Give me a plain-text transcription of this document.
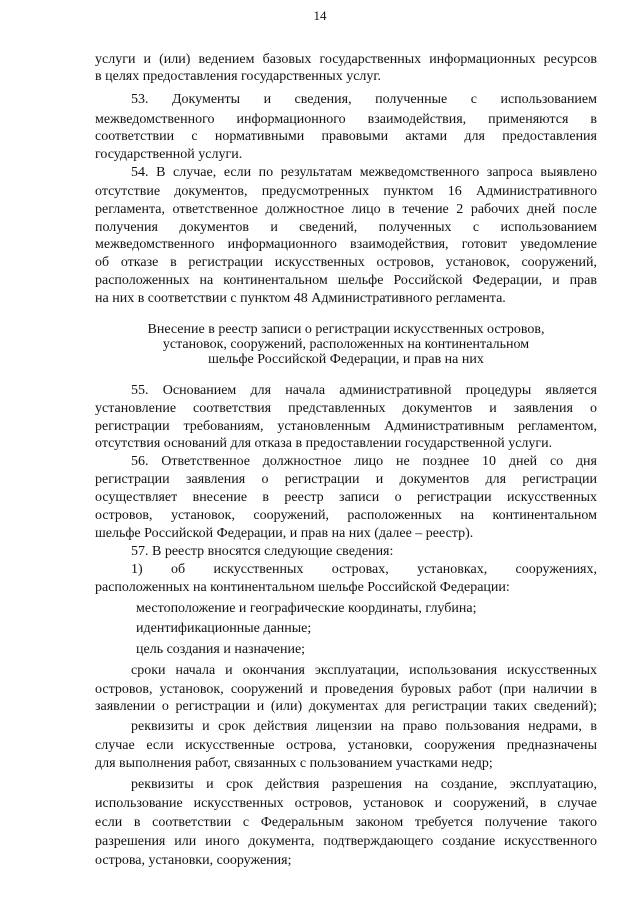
14
услуги и (или) ведением базовых государственных информационных ресурсов
в целях предоставления государственных услуг.
53.   Документы   и   сведения,   полученные   с   использованием
межведомственного информационного взаимодействия, применяются в
соответствии с нормативными правовыми актами для предоставления
государственной услуги.
54. В случае, если по результатам межведомственного запроса выявлено
отсутствие документов, предусмотренных пунктом 16 Административного
регламента, ответственное должностное лицо в течение 2 рабочих дней после
получения документов и сведений, полученных с использованием
межведомственного информационного взаимодействия, готовит уведомление
об отказе в регистрации искусственных островов, установок, сооружений,
расположенных на континентальном шельфе Российской Федерации, и прав
на них в соответствии с пунктом 48 Административного регламента.
Внесение в реестр записи о регистрации искусственных островов,
установок, сооружений, расположенных на континентальном
шельфе Российской Федерации, и прав на них
55. Основанием для начала административной процедуры является
установление соответствия представленных документов и заявления о
регистрации требованиям, установленным Административным регламентом,
отсутствия оснований для отказа в предоставлении государственной услуги.
56. Ответственное должностное лицо не позднее 10 дней со дня
регистрации заявления о регистрации и документов для регистрации
осуществляет внесение в реестр записи о регистрации искусственных
островов, установок, сооружений, расположенных на континентальном
шельфе Российской Федерации, и прав на них (далее – реестр).
57. В реестр вносятся следующие сведения:
1)   об   искусственных   островах,   установках,   сооружениях,
расположенных на континентальном шельфе Российской Федерации:
местоположение и географические координаты, глубина;
идентификационные данные;
цель создания и назначение;
сроки начала и окончания эксплуатации, использования искусственных
островов, установок, сооружений и проведения буровых работ (при наличии в
заявлении о регистрации и (или) документах для регистрации таких сведений);
реквизиты и срок действия лицензии на право пользования недрами, в
случае если искусственные острова, установки, сооружения предназначены
для выполнения работ, связанных с пользованием участками недр;
реквизиты и срок действия разрешения на создание, эксплуатацию,
использование искусственных островов, установок и сооружений, в случае
если в соответствии с Федеральным законом требуется получение такого
разрешения или иного документа, подтверждающего создание искусственного
острова, установки, сооружения;
